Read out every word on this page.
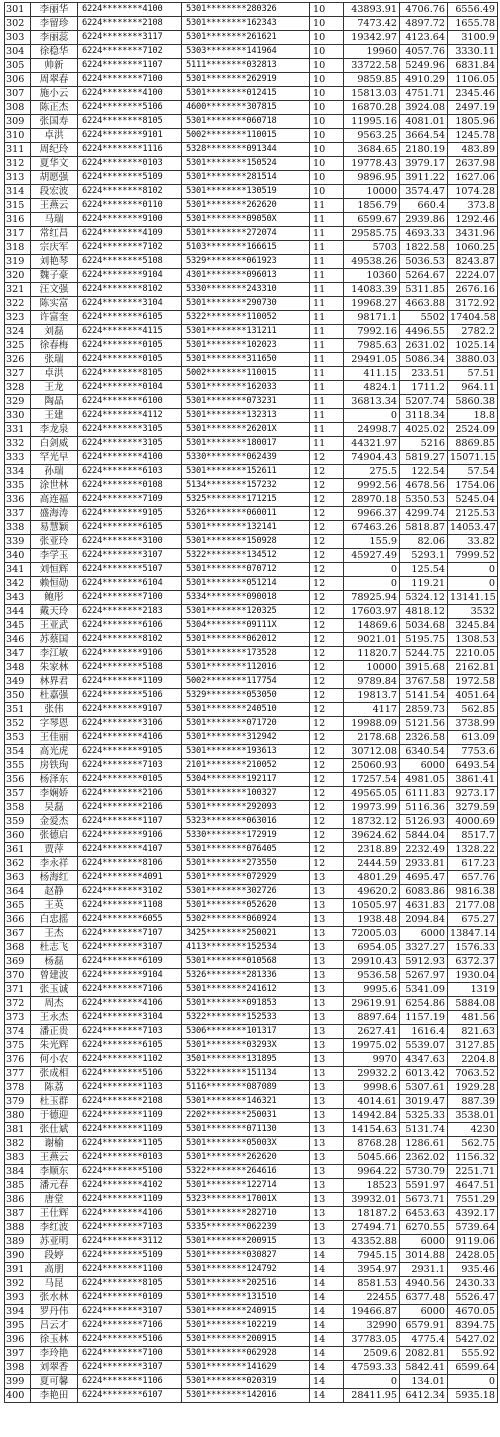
301	李丽华	6224********4100	5301********280326	10	43893.91	4706.76	6556.49
302	李留珍	6224********2108	5301********162343	10	7473.42	4897.72	1655.78
303	李丽蕊	6224********3117	5301********261621	10	19342.97	4123.64	3100.9
304	徐稳华	6224********7102	5303********141964	10	19960	4057.76	3330.11
305	帅新	6224********1107	5111********032813	10	33722.58	5249.96	6831.84
306	周翠春	6224********7100	5301********262919	10	9859.85	4910.29	1106.05
307	施小云	6224********4100	5301********012415	10	15813.03	4751.71	2345.46
308	陈正杰	6224********5106	4600********307815	10	16870.28	3924.08	2497.19
309	张国寿	6224********8105	5301********060718	10	11995.16	4081.01	1805.96
310	卓洪	6224********9101	5002********110015	10	9563.25	3664.54	1245.78
311	周纪玲	6224********1116	5328********091344	10	3684.65	2180.19	483.89
312	夏华文	6224********0103	5301********150524	10	19778.43	3979.17	2637.98
313	胡愿强	6224********5109	5301********281514	10	9896.95	3911.22	1627.06
314	段宏波	6224********8102	5301********130519	10	10000	3574.47	1074.28
315	王燕云	6224********0110	5301********262620	11	1856.79	660.4	373.8
316	马瑞	6224********9100	5301********09050X	11	6599.67	2939.86	1292.46
317	常红昌	6224********4109	5301********272074	11	29585.75	4693.33	3431.96
318	宗庆军	6224********7102	5103********166615	11	5703	1822.58	1060.25
319	刘艳琴	6224********5108	5329********061923	11	49538.26	5036.53	8243.87
320	魏子豪	6224********9104	4301********096013	11	10360	5264.67	2224.07
321	汪文强	6224********8102	5330********243310	11	14083.39	5311.85	2676.16
322	陈实富	6224********3104	5301********290730	11	19968.27	4663.88	3172.92
323	许富奎	6224********6105	5322********110052	11	98171.1	5502	17404.58
324	刘磊	6224********4115	5301********131211	11	7992.16	4496.55	2782.2
325	徐春梅	6224********0105	5301********102023	11	7985.63	2631.02	1025.14
326	张瑞	6224********0105	5301********311650	11	29491.05	5086.34	3880.03
327	卓洪	6224********8105	5002********110015	11	411.15	233.51	57.51
328	王龙	6224********0104	5301********162033	11	4824.1	1711.2	964.11
329	陶晶	6224********6100	5301********073231	11	36813.34	5207.74	5860.38
330	王建	6224********4112	5301********132313	11	0	3118.34	18.8
331	李龙泉	6224********3105	5301********26201X	11	24998.7	4025.02	2524.09
332	白剑威	6224********3105	5301********180017	11	44321.97	5216	8869.85
333	罕光早	6224********4100	5330********062439	12	74904.43	5819.27	15071.15
334	孙瑞	6224********6103	5301********152611	12	275.5	122.54	57.54
335	涂世林	6224********0108	5134********157232	12	9992.56	4678.56	1754.06
336	高连福	6224********7109	5325********171215	12	28970.18	5350.53	5245.04
337	盛海涛	6224********9105	5326********060011	12	9966.37	4299.74	2125.53
338	易慧颖	6224********6105	5301********132141	12	67463.26	5818.87	14053.47
339	张亚玲	6224********3100	5301********150928	12	155.9	82.06	33.82
340	李学玉	6224********3107	5322********134512	12	45927.49	5293.1	7999.52
341	刘恒辉	6224********5107	5301********070712	12	0	125.54	0
342	赖恒勋	6224********6104	5301********051214	12	0	119.21	0
343	鲍彤	6224********7100	5334********090018	12	78925.94	5324.12	13141.15
344	戴天玲	6224********2183	5301********120325	12	17603.97	4818.12	3532
345	王亚武	6224********6106	5304********09111X	12	14869.6	5034.68	3245.84
346	苏蔡国	6224********8102	5301********062012	12	9021.01	5195.75	1308.53
347	李江敏	6224********9106	5301********173528	12	11820.7	5244.75	2210.05
348	朱家林	6224********5108	5301********112016	12	10000	3915.68	2162.81
349	林界君	6224********1109	5002********117754	12	9789.84	3767.58	1972.58
350	杜嘉强	6224********5106	5329********053050	12	19813.7	5141.54	4051.64
351	张伟	6224********9107	5301********240510	12	4117	2859.73	562.85
352	字琴恩	6224********3106	5301********071720	12	19988.09	5121.56	3738.99
353	王佳丽	6224********4106	5301********312942	12	2178.68	2326.58	613.09
354	高光虎	6224********9105	5301********193613	12	30712.08	6340.54	7753.6
355	房铁珣	6224********7103	2101********210052	12	25060.93	6000	6493.54
356	杨泽东	6224********0105	5304********192117	12	17257.54	4981.05	3861.41
357	李娴娇	6224********2106	5301********100327	12	49565.05	6111.83	9273.17
358	吴磊	6224********2106	5301********292093	12	19973.99	5116.36	3279.59
359	金爱杰	6224********1107	5323********063016	12	18732.12	5126.93	4000.69
360	张德启	6224********9106	5330********172919	12	39624.62	5844.04	8517.7
361	贾萍	6224********4107	5301********076405	12	2318.89	2232.49	1328.22
362	李永祥	6224********8106	5301********273550	12	2444.59	2933.81	617.23
363	杨海红	6224********4091	5301********072929	13	4801.29	4695.47	657.76
364	赵静	6224********3102	5301********302726	13	49620.2	6083.86	9816.38
365	王英	6224********1108	5301********052620	13	10505.97	4631.83	2177.08
366	白忠摇	6224********6055	5302********060924	13	1938.48	2094.84	675.27
367	王杰	6224********7107	3425********250021	13	72005.03	6000	13847.14
368	杜志飞	6224********3107	4113********152534	13	6954.05	3327.27	1576.33
369	杨磊	6224********6109	5301********010568	13	29910.43	5912.93	6372.37
370	曾建波	6224********9104	5326********281336	13	9536.58	5267.97	1930.04
371	张玉诚	6224********7106	5301********241612	13	9995.6	5341.09	1319
372	周杰	6224********4106	5301********091853	13	29619.91	6254.86	5884.08
373	王永杰	6224********3104	5322********152533	13	8897.64	1157.19	481.56
374	潘正贵	6224********7103	5306********101317	13	2627.41	1616.4	821.63
375	朱光辉	6224********6105	5301********03293X	13	19975.02	5539.07	3127.85
376	何小农	6224********1102	3501********131895	13	9970	4347.63	2204.8
377	张成相	6224********5106	5322********151134	13	29932.2	6013.42	7063.52
378	陈荔	6224********1103	5116********087089	13	9998.6	5307.61	1929.28
379	杜玉群	6224********2108	5301********146321	13	4014.61	3019.47	887.39
380	于德迎	6224********1109	2202********250031	13	14942.84	5325.33	3538.01
381	张仕斌	6224********1109	5301********071130	13	14154.63	5131.74	4230
382	谢榆	6224********1105	5301********05003X	13	8768.28	1286.61	562.75
383	王燕云	6224********0103	5301********262620	13	5045.66	2362.02	1156.32
384	李顺东	6224********5100	5322********264616	13	9964.22	5730.79	2251.71
385	潘元春	6224********4102	5301********122714	13	18523	5591.97	4647.51
386	唐堂	6224********1109	5323********17001X	13	39932.01	5673.71	7551.29
387	王仕辉	6224********4106	5301********282710	13	18187.2	6453.63	4392.17
388	李红波	6224********7103	5335********062239	13	27494.71	6270.55	5739.64
389	苏亚明	6224********3112	5301********200915	13	43352.88	6000	9119.06
390	段婷	6224********5109	5301********030827	14	7945.15	3014.88	2428.05
391	高朋	6224********1100	5301********124792	14	3954.97	2931.1	935.46
392	马昆	6224********8105	5301********202516	14	8581.53	4940.56	2430.33
393	张水林	6224********0109	5301********131510	14	22455	6377.48	5526.47
394	罗丹伟	6224********3107	5301********240915	14	19466.87	6000	4670.05
395	吕云才	6224********7106	5301********102219	14	32990	6579.91	8394.75
396	徐玉林	6224********5106	5301********200915	14	37783.05	4775.4	5427.02
397	李玲艳	6224********7100	5301********062928	14	2509.6	2082.81	555.92
398	刘翠香	6224********3107	5301********141629	14	47593.33	5842.41	6599.64
399	夏可馨	6224********1106	5301********020319	14	0	134.01	0
400	李艳田	6224********6107	5301********142016	14	28411.95	6412.34	5935.18
